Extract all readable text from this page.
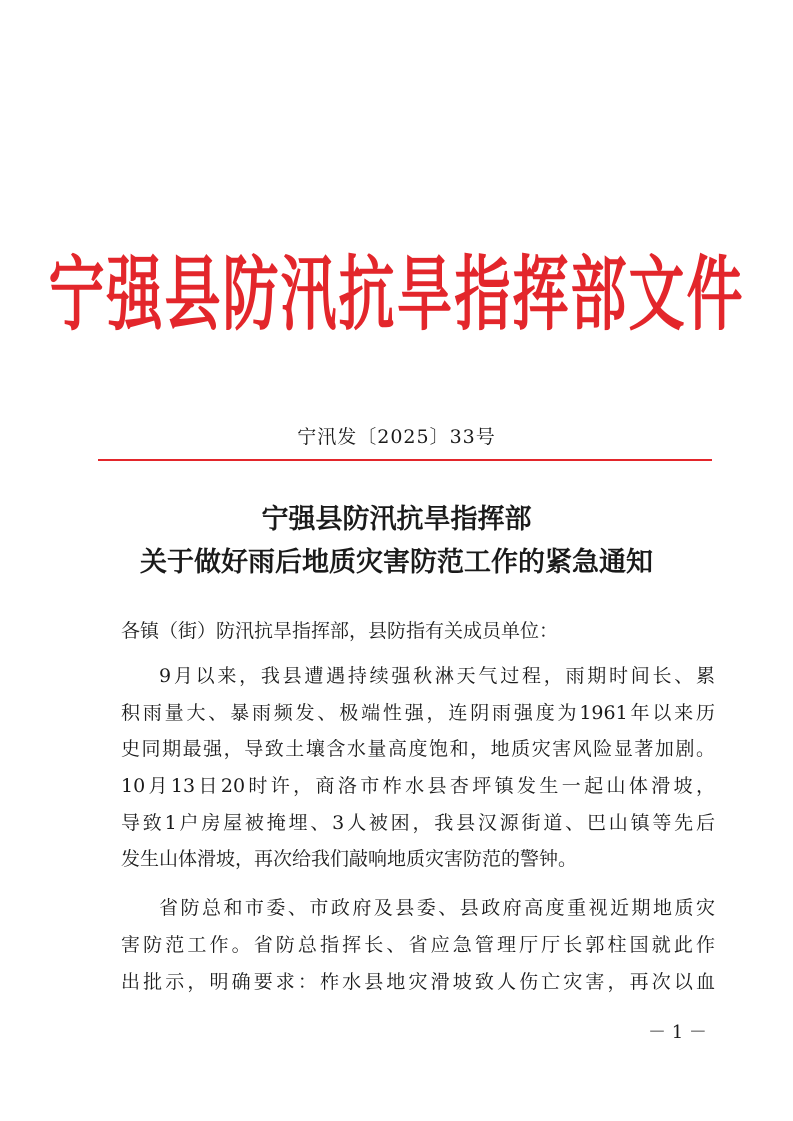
宁强县防汛抗旱指挥部文件
宁汛发〔2025〕33号
宁强县防汛抗旱指挥部
关于做好雨后地质灾害防范工作的紧急通知

各镇（街）防汛抗旱指挥部，县防指有关成员单位：

9月以来，我县遭遇持续强秋淋天气过程，雨期时间长、累
积雨量大、暴雨频发、极端性强，连阴雨强度为1961年以来历
史同期最强，导致土壤含水量高度饱和，地质灾害风险显著加剧。
10月13日20时许，商洛市柞水县杏坪镇发生一起山体滑坡，
导致1户房屋被掩埋、3人被困，我县汉源街道、巴山镇等先后
发生山体滑坡，再次给我们敲响地质灾害防范的警钟。
省防总和市委、市政府及县委、县政府高度重视近期地质灾
害防范工作。省防总指挥长、省应急管理厅厅长郭柱国就此作
出批示，明确要求：柞水县地灾滑坡致人伤亡灾害，再次以血
－ 1 －
